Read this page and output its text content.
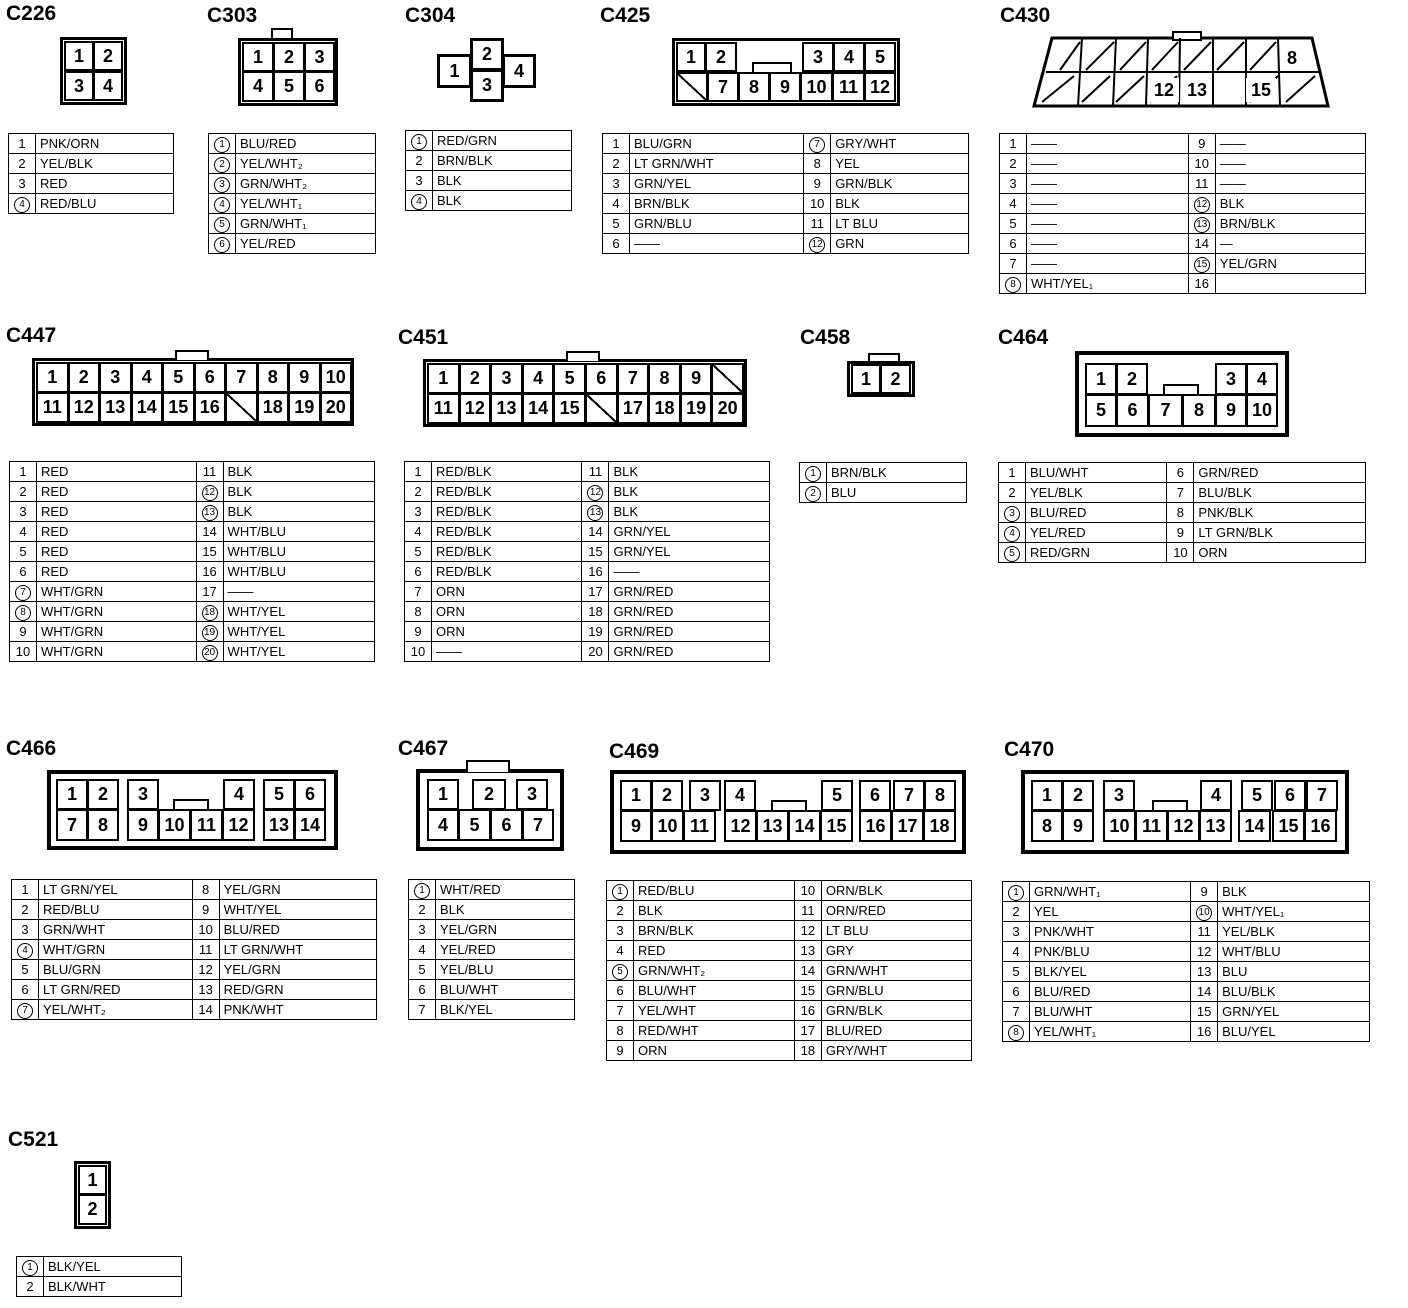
C226
1	2
3	4
1	PNK/ORN
2	YEL/BLK
3	RED
4	RED/BLU
C303
1	2	3
4	5	6
1	BLU/RED
2	YEL/WHT₂
3	GRN/WHT₂
4	YEL/WHT₁
5	GRN/WHT₁
6	YEL/RED
C304
1
2
3
4
1	RED/GRN
2	BRN/BLK
3	BLK
4	BLK
C425
1	2	3	4	5
7	8	9 10 11 12
1	BLU/GRN	7	GRY/WHT
2	LT GRN/WHT	8	YEL
3	GRN/YEL	9	GRN/BLK
4	BRN/BLK	10	BLK
5	GRN/BLU	11	LT BLU
6	——	12	GRN
C430
8
12 13 15
1	——	9	——
2	——	10	——
3	——	11	——
4	——	12	BLK
5	——	13	BRN/BLK
6	——	14	—
7	——	15	YEL/GRN
8	WHT/YEL₁	16	
C447
1	RED	11	BLK
2	RED	12	BLK
3	RED	13	BLK
4	RED	14	WHT/BLU
5	RED	15	WHT/BLU
6	RED	16	WHT/BLU
7	WHT/GRN	17	——
8	WHT/GRN	18	WHT/YEL
9	WHT/GRN	19	WHT/YEL
10	WHT/GRN	20	WHT/YEL
1	2	3	4	5	6	7	8	9 10
11 12 13 14 15 16	18 19 20
C451
1	RED/BLK	11	BLK
2	RED/BLK	12	BLK
3	RED/BLK	13	BLK
4	RED/BLK	14	GRN/YEL
5	RED/BLK	15	GRN/YEL
6	RED/BLK	16	——
7	ORN	17	GRN/RED
8	ORN	18	GRN/RED
9	ORN	19	GRN/RED
10	——	20	GRN/RED
1	2	3	4	5	6	7	8	9
11 12 13 14 15	17 18 19 20
C458
1	2
1	BRN/BLK
2	BLU
C464
1	2	3	4
5	6	7	8	9 10
1	BLU/WHT	6	GRN/RED
2	YEL/BLK	7	BLU/BLK
3	BLU/RED	8	PNK/BLK
4	YEL/RED	9	LT GRN/BLK
5	RED/GRN	10	ORN
C466
1	2	3	4	5	6
7	8	9 10 11 12	13 14
1	LT GRN/YEL	8	YEL/GRN
2	RED/BLU	9	WHT/YEL
3	GRN/WHT	10	BLU/RED
4	WHT/GRN	11	LT GRN/WHT
5	BLU/GRN	12	YEL/GRN
6	LT GRN/RED	13	RED/GRN
7	YEL/WHT₂	14	PNK/WHT
C467
1	2	3
4	5	6	7
1	WHT/RED
2	BLK
3	YEL/GRN
4	YEL/RED
5	YEL/BLU
6	BLU/WHT
7	BLK/YEL
C469
1	2	3	4	5	6	7	8
9 10 11	12 13 14 15	16 17 18
1	RED/BLU	10	ORN/BLK
2	BLK	11	ORN/RED
3	BRN/BLK	12	LT BLU
4	RED	13	GRY
5	GRN/WHT₂	14	GRN/WHT
6	BLU/WHT	15	GRN/BLU
7	YEL/WHT	16	GRN/BLK
8	RED/WHT	17	BLU/RED
9	ORN	18	GRY/WHT
C470
1	2	3	4	5	6	7
8	9	10 11 12 13	14 15 16
1	GRN/WHT₁	9	BLK
2	YEL	10	WHT/YEL₁
3	PNK/WHT	11	YEL/BLK
4	PNK/BLU	12	WHT/BLU
5	BLK/YEL	13	BLU
6	BLU/RED	14	BLU/BLK
7	BLU/WHT	15	GRN/YEL
8	YEL/WHT₁	16	BLU/YEL
C521
1
2
1	BLK/YEL
2	BLK/WHT
